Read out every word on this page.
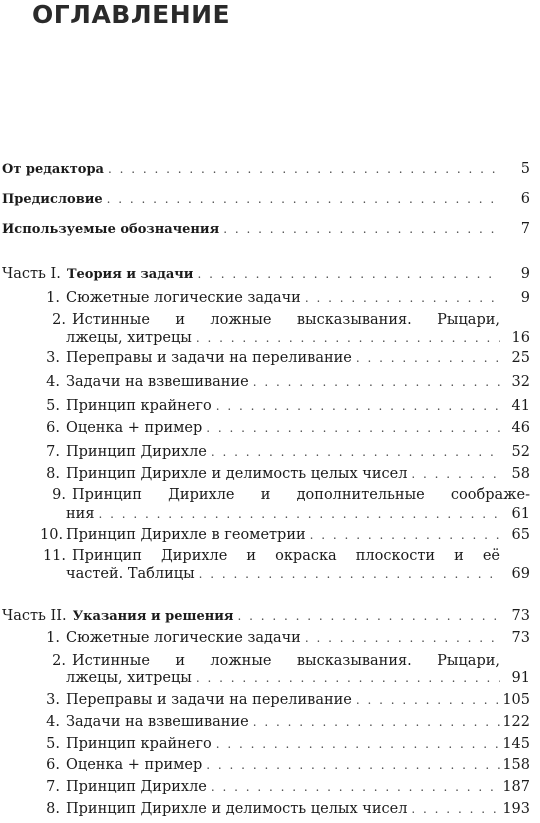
ОГЛАВЛЕНИЕ
От редактора . . .	5
Предисловие . . .	6
Используемые обозначения . . .	7
Часть I. Теория и задачи . . .	9
1. Сюжетные логические задачи . . .	9
2. Истинные и ложные высказывания. Рыцари,
лжецы, хитрецы . . .	16
3. Переправы и задачи на переливание . . .	25
4. Задачи на взвешивание . . .	32
5. Принцип крайнего . . .	41
6. Оценка + пример . . .	46
7. Принцип Дирихле . . .	52
8. Принцип Дирихле и делимость целых чисел . . .	58
9. Принцип Дирихле и дополнительные соображе-
ния . . .	61
10. Принцип Дирихле в геометрии . . .	65
11. Принцип Дирихле и окраска плоскости и её
частей. Таблицы . . .	69
Часть II. Указания и решения . . .	73
1. Сюжетные логические задачи . . .	73
2. Истинные и ложные высказывания. Рыцари,
лжецы, хитрецы . . .	91
3. Переправы и задачи на переливание . . .	105
4. Задачи на взвешивание . . .	122
5. Принцип крайнего . . .	145
6. Оценка + пример . . .	158
7. Принцип Дирихле . . .	187
8. Принцип Дирихле и делимость целых чисел . . .	193
